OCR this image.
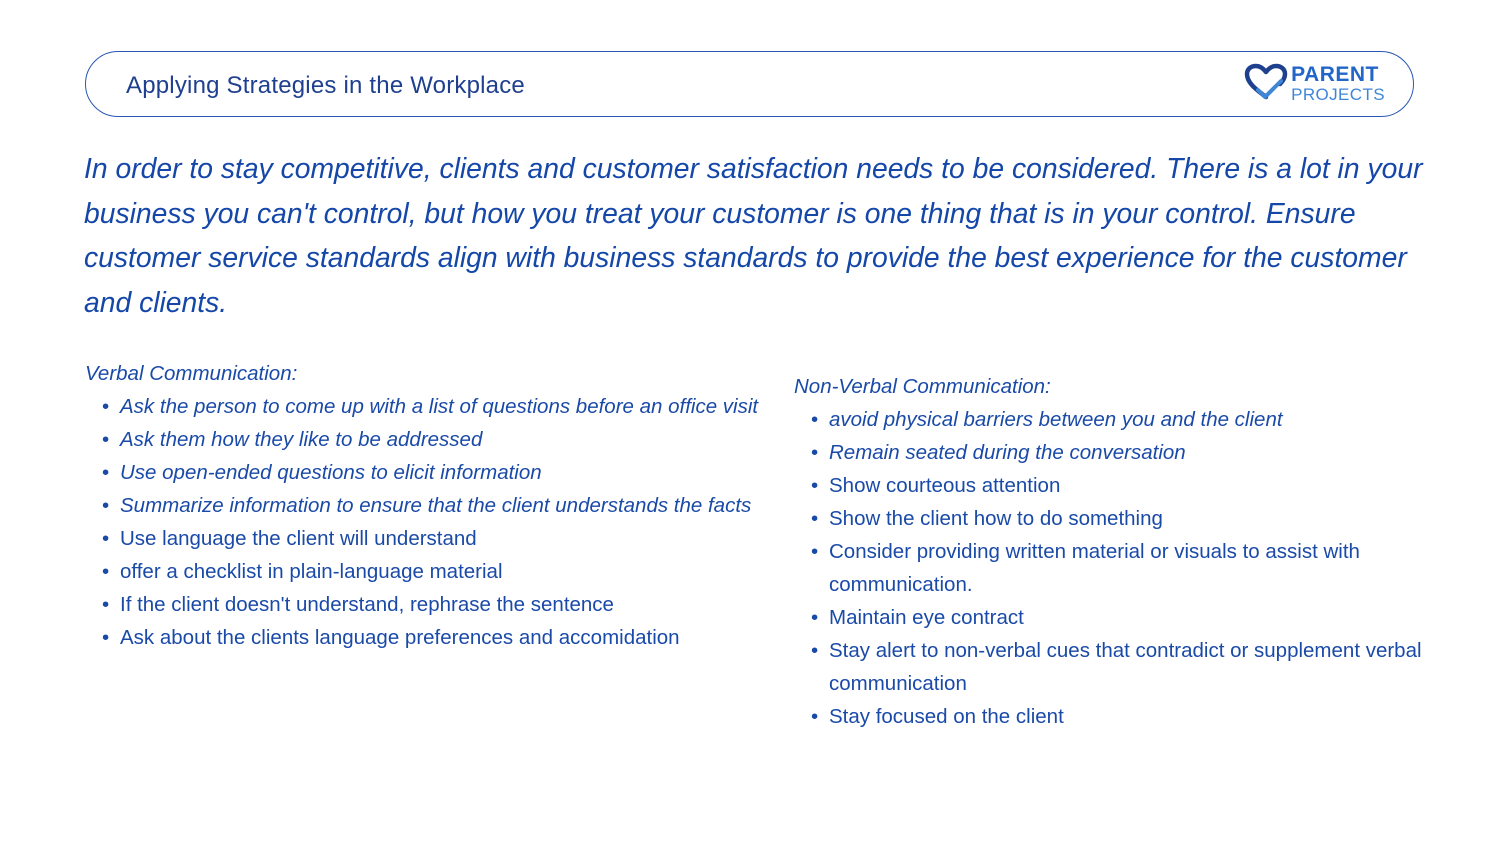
Applying Strategies in the Workplace	PARENT
PROJECTS

In order to stay competitive, clients and customer satisfaction needs to be considered. There is a lot in your business you can't control, but how you treat your customer is one thing that is in your control. Ensure customer service standards align with business standards to provide the best experience for the customer and clients.

Verbal Communication:

• Ask the person to come up with a list of questions before an office visit
• Ask them how they like to be addressed
• Use open-ended questions to elicit information
• Summarize information to ensure that the client understands the facts
• Use language the client will understand
• offer a checklist in plain-language material
• If the client doesn't understand, rephrase the sentence
• Ask about the clients language preferences and accomidation

Non-Verbal Communication:

• avoid physical barriers between you and the client
• Remain seated during the conversation
• Show courteous attention
• Show the client how to do something
• Consider providing written material or visuals to assist with communication.
• Maintain eye contract
• Stay alert to non-verbal cues that contradict or supplement verbal communication
• Stay focused on the client
